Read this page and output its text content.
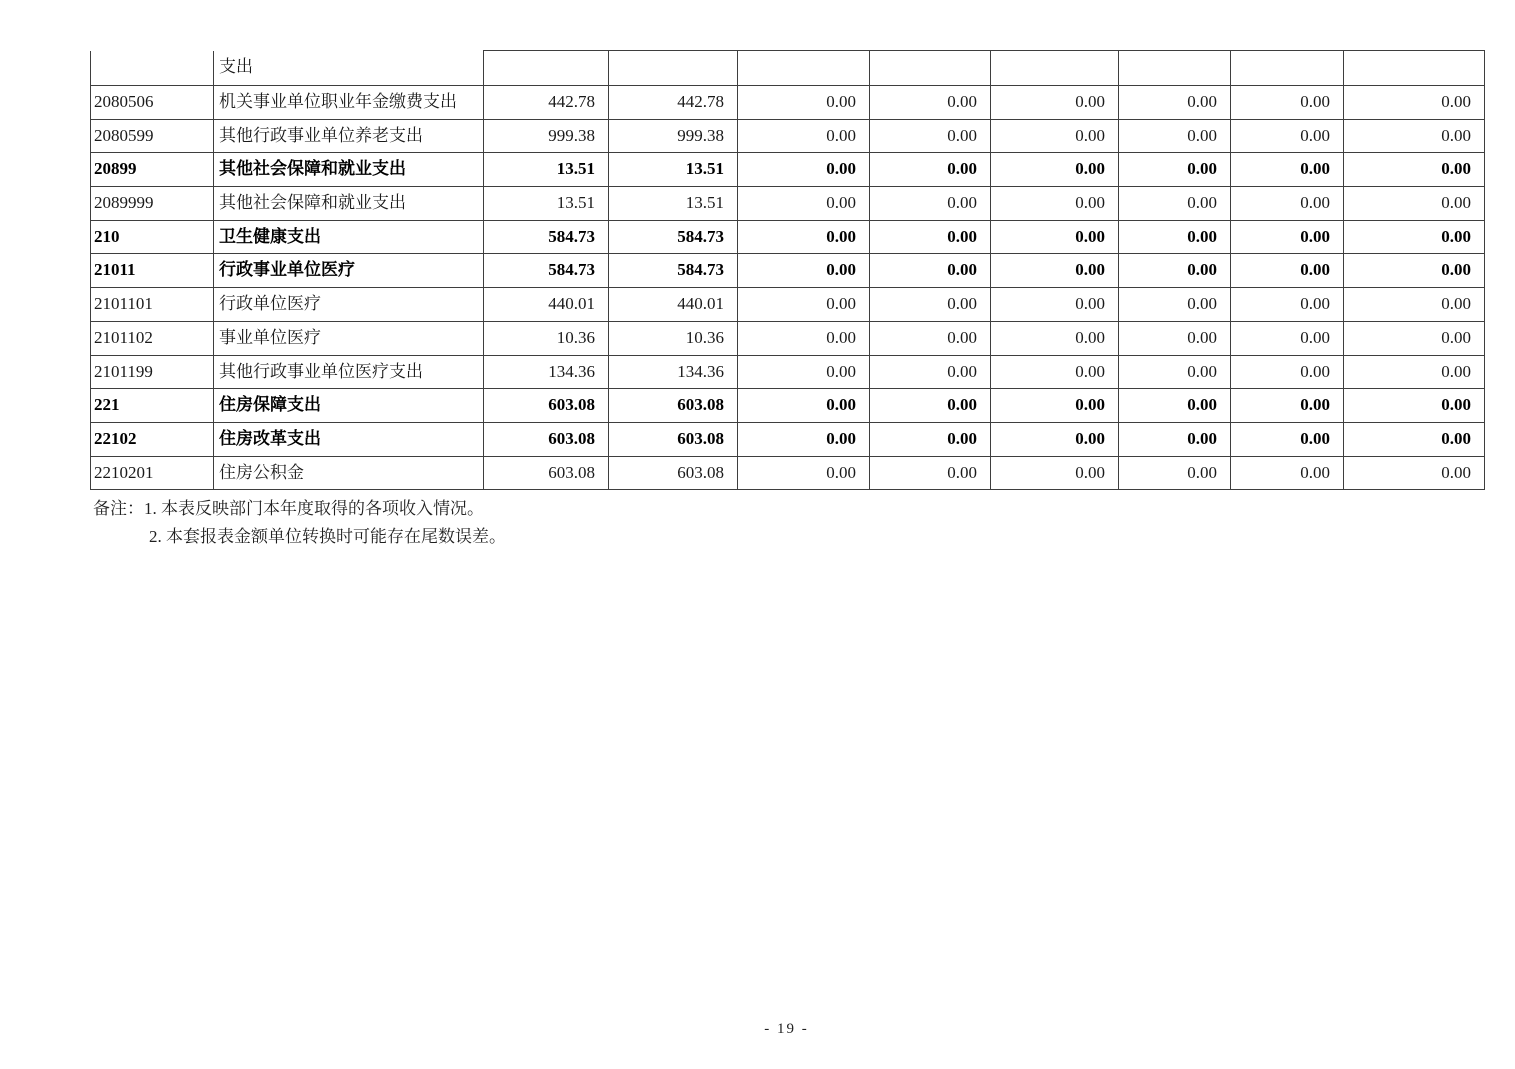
	支出								
2080506	机关事业单位职业年金缴费支出	442.78	442.78	0.00	0.00	0.00	0.00	0.00	0.00
2080599	其他行政事业单位养老支出	999.38	999.38	0.00	0.00	0.00	0.00	0.00	0.00
20899	其他社会保障和就业支出	13.51	13.51	0.00	0.00	0.00	0.00	0.00	0.00
2089999	其他社会保障和就业支出	13.51	13.51	0.00	0.00	0.00	0.00	0.00	0.00
210	卫生健康支出	584.73	584.73	0.00	0.00	0.00	0.00	0.00	0.00
21011	行政事业单位医疗	584.73	584.73	0.00	0.00	0.00	0.00	0.00	0.00
2101101	行政单位医疗	440.01	440.01	0.00	0.00	0.00	0.00	0.00	0.00
2101102	事业单位医疗	10.36	10.36	0.00	0.00	0.00	0.00	0.00	0.00
2101199	其他行政事业单位医疗支出	134.36	134.36	0.00	0.00	0.00	0.00	0.00	0.00
221	住房保障支出	603.08	603.08	0.00	0.00	0.00	0.00	0.00	0.00
22102	住房改革支出	603.08	603.08	0.00	0.00	0.00	0.00	0.00	0.00
2210201	住房公积金	603.08	603.08	0.00	0.00	0.00	0.00	0.00	0.00
备注：1. 本表反映部门本年度取得的各项收入情况。
2. 本套报表金额单位转换时可能存在尾数误差。
- 19 -
